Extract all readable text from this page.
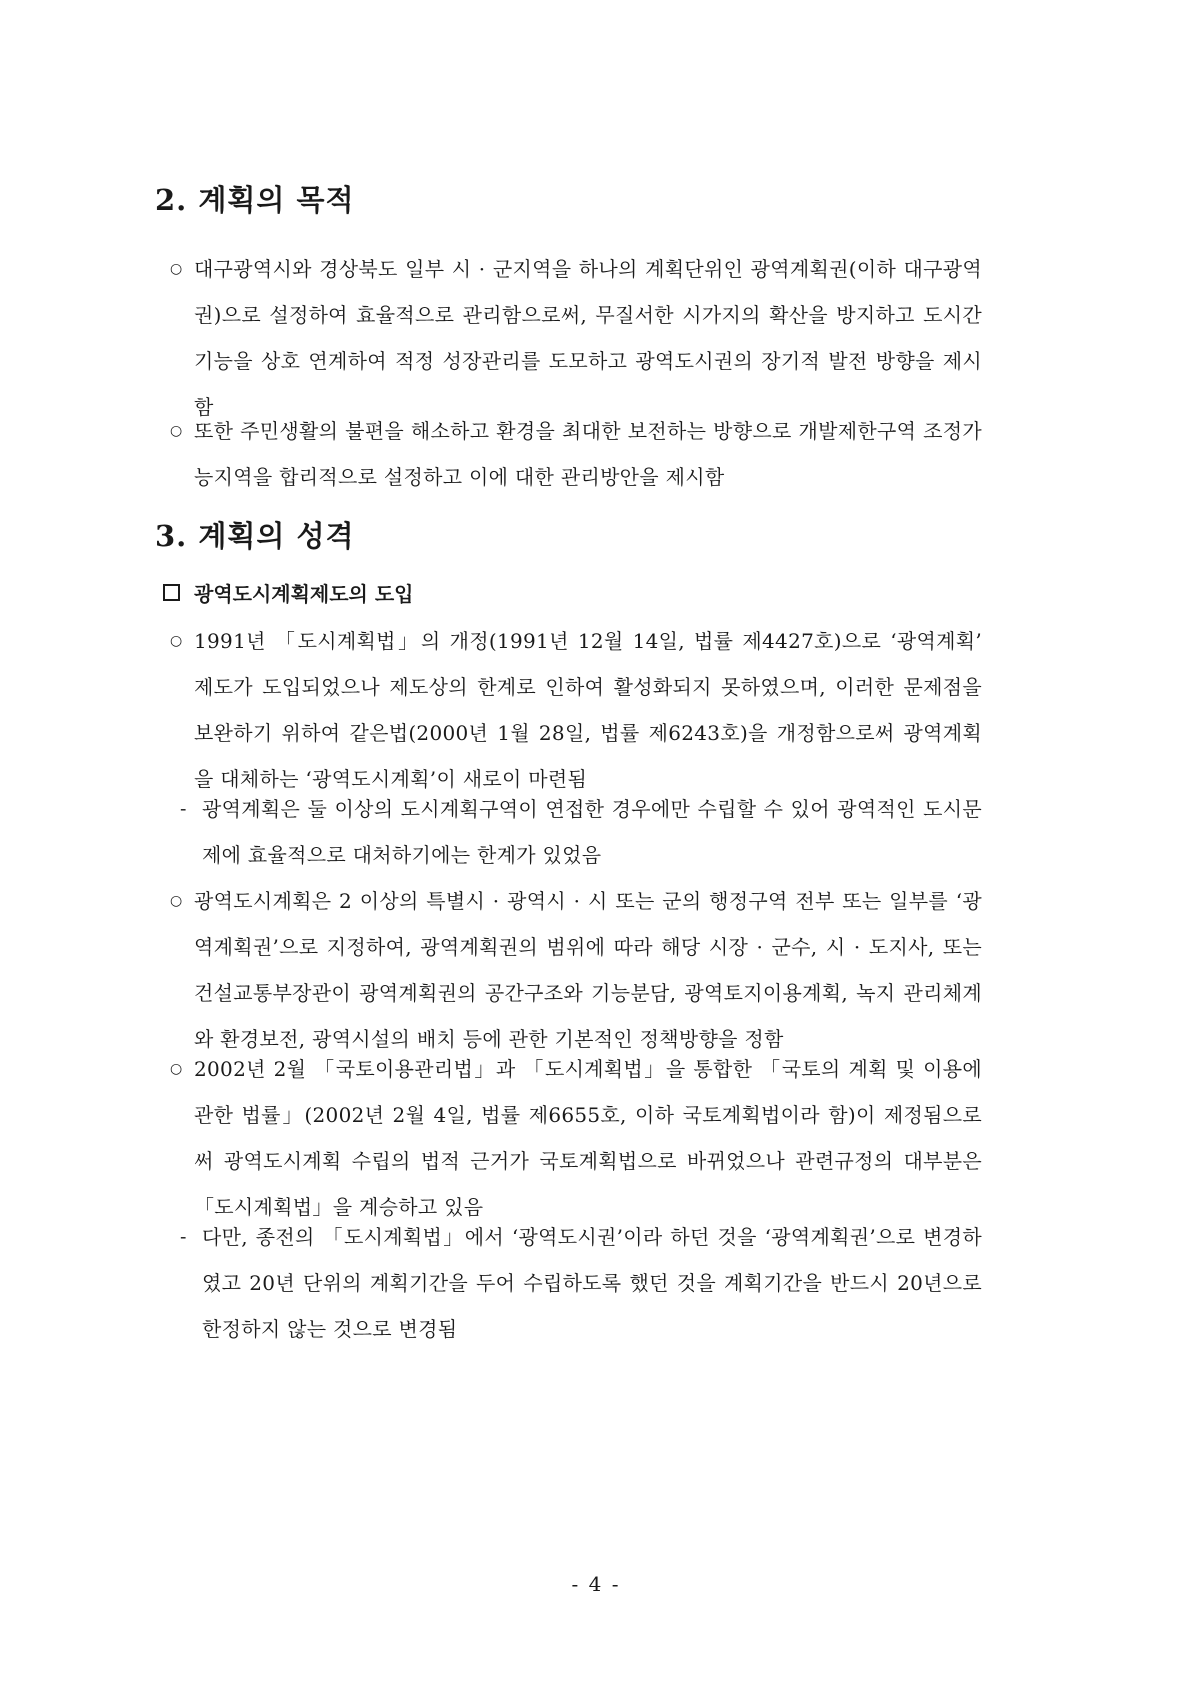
2. 계획의 목적
○ 대구광역시와 경상북도 일부 시 · 군지역을 하나의 계획단위인 광역계획권(이하 대구광역권)으로 설정하여 효율적으로 관리함으로써, 무질서한 시가지의 확산을 방지하고 도시간 기능을 상호 연계하여 적정 성장관리를 도모하고 광역도시권의 장기적 발전 방향을 제시함

○ 또한 주민생활의 불편을 해소하고 환경을 최대한 보전하는 방향으로 개발제한구역 조정가능지역을 합리적으로 설정하고 이에 대한 관리방안을 제시함

3. 계획의 성격
광역도시계획제도의 도입
○ 1991년 「도시계획법」의 개정(1991년 12월 14일, 법률 제4427호)으로 ‘광역계획’ 제도가 도입되었으나 제도상의 한계로 인하여 활성화되지 못하였으며, 이러한 문제점을 보완하기 위하여 같은법(2000년 1월 28일, 법률 제6243호)을 개정함으로써 광역계획을 대체하는 ‘광역도시계획’이 새로이 마련됨

- 광역계획은 둘 이상의 도시계획구역이 연접한 경우에만 수립할 수 있어 광역적인 도시문제에 효율적으로 대처하기에는 한계가 있었음

○ 광역도시계획은 2 이상의 특별시 · 광역시 · 시 또는 군의 행정구역 전부 또는 일부를 ‘광역계획권’으로 지정하여, 광역계획권의 범위에 따라 해당 시장 · 군수, 시 · 도지사, 또는 건설교통부장관이 광역계획권의 공간구조와 기능분담, 광역토지이용계획, 녹지 관리체계와 환경보전, 광역시설의 배치 등에 관한 기본적인 정책방향을 정함

○ 2002년 2월 「국토이용관리법」과 「도시계획법」을 통합한 「국토의 계획 및 이용에 관한 법률」(2002년 2월 4일, 법률 제6655호, 이하 국토계획법이라 함)이 제정됨으로써 광역도시계획 수립의 법적 근거가 국토계획법으로 바뀌었으나 관련규정의 대부분은 「도시계획법」을 계승하고 있음

- 다만, 종전의 「도시계획법」에서 ‘광역도시권’이라 하던 것을 ‘광역계획권’으로 변경하였고 20년 단위의 계획기간을 두어 수립하도록 했던 것을 계획기간을 반드시 20년으로 한정하지 않는 것으로 변경됨

- 4 -
